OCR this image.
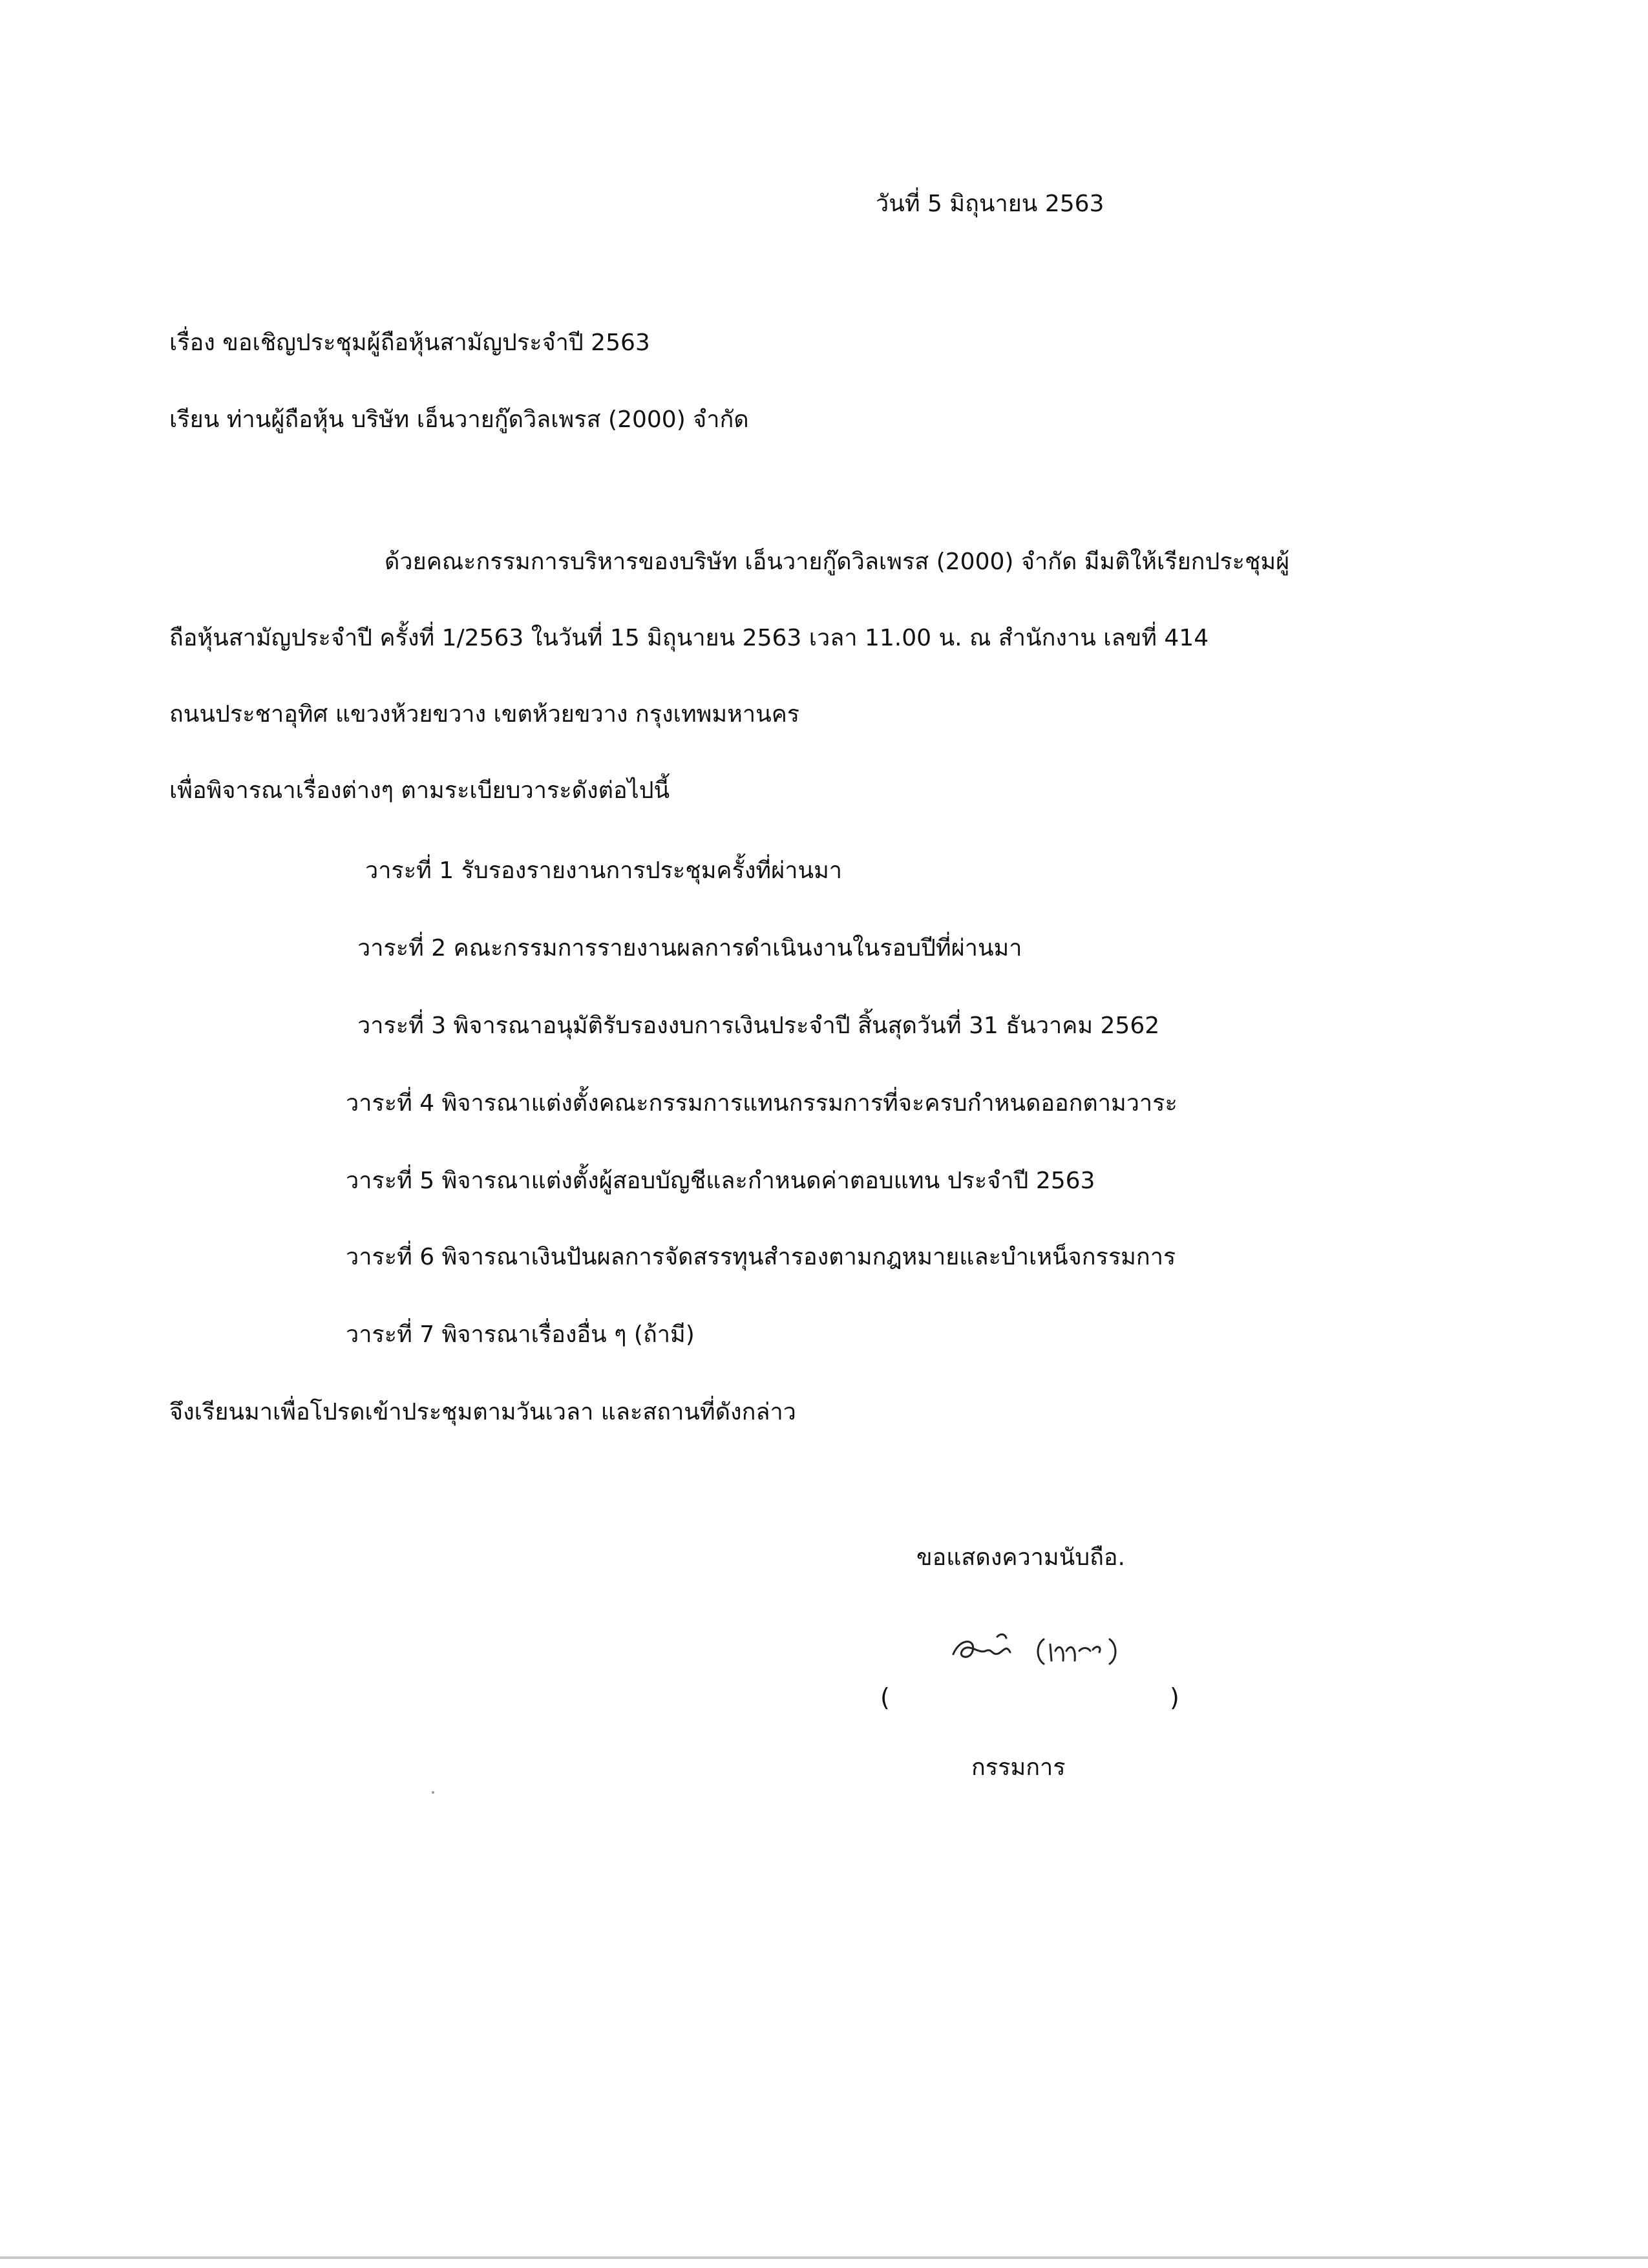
วันที่ 5 มิถุนายน 2563
เรื่อง ขอเชิญประชุมผู้ถือหุ้นสามัญประจำปี 2563
เรียน ท่านผู้ถือหุ้น บริษัท เอ็นวายกู๊ดวิลเพรส (2000) จำกัด
ด้วยคณะกรรมการบริหารของบริษัท เอ็นวายกู๊ดวิลเพรส (2000) จำกัด มีมติให้เรียกประชุมผู้
ถือหุ้นสามัญประจำปี ครั้งที่ 1/2563 ในวันที่ 15 มิถุนายน 2563 เวลา 11.00 น. ณ สำนักงาน เลขที่ 414
ถนนประชาอุทิศ แขวงห้วยขวาง เขตห้วยขวาง กรุงเทพมหานคร
เพื่อพิจารณาเรื่องต่างๆ ตามระเบียบวาระดังต่อไปนี้
วาระที่ 1 รับรองรายงานการประชุมครั้งที่ผ่านมา
วาระที่ 2 คณะกรรมการรายงานผลการดำเนินงานในรอบปีที่ผ่านมา
วาระที่ 3 พิจารณาอนุมัติรับรองงบการเงินประจำปี สิ้นสุดวันที่ 31 ธันวาคม 2562
วาระที่ 4 พิจารณาแต่งตั้งคณะกรรมการแทนกรรมการที่จะครบกำหนดออกตามวาระ
วาระที่ 5 พิจารณาแต่งตั้งผู้สอบบัญชีและกำหนดค่าตอบแทน ประจำปี 2563
วาระที่ 6 พิจารณาเงินปันผลการจัดสรรทุนสำรองตามกฎหมายและบำเหน็จกรรมการ
วาระที่ 7 พิจารณาเรื่องอื่น ๆ (ถ้ามี)
จึงเรียนมาเพื่อโปรดเข้าประชุมตามวันเวลา และสถานที่ดังกล่าว
ขอแสดงความนับถือ.
(	)
กรรมการ
